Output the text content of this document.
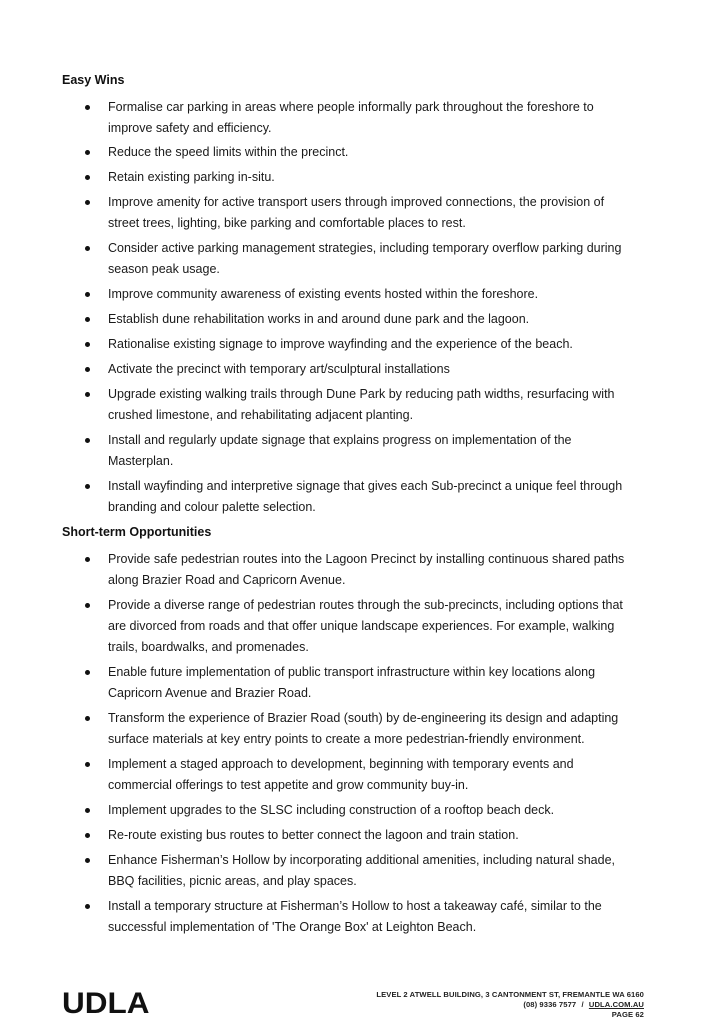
Easy Wins
Formalise car parking in areas where people informally park throughout the foreshore to improve safety and efficiency.
Reduce the speed limits within the precinct.
Retain existing parking in-situ.
Improve amenity for active transport users through improved connections, the provision of street trees, lighting, bike parking and comfortable places to rest.
Consider active parking management strategies, including temporary overflow parking during season peak usage.
Improve community awareness of existing events hosted within the foreshore.
Establish dune rehabilitation works in and around dune park and the lagoon.
Rationalise existing signage to improve wayfinding and the experience of the beach.
Activate the precinct with temporary art/sculptural installations
Upgrade existing walking trails through Dune Park by reducing path widths, resurfacing with crushed limestone, and rehabilitating adjacent planting.
Install and regularly update signage that explains progress on implementation of the Masterplan.
Install wayfinding and interpretive signage that gives each Sub-precinct a unique feel through branding and colour palette selection.
Short-term Opportunities
Provide safe pedestrian routes into the Lagoon Precinct by installing continuous shared paths along Brazier Road and Capricorn Avenue.
Provide a diverse range of pedestrian routes through the sub-precincts, including options that are divorced from roads and that offer unique landscape experiences. For example, walking trails, boardwalks, and promenades.
Enable future implementation of public transport infrastructure within key locations along Capricorn Avenue and Brazier Road.
Transform the experience of Brazier Road (south) by de-engineering its design and adapting surface materials at key entry points to create a more pedestrian-friendly environment.
Implement a staged approach to development, beginning with temporary events and commercial offerings to test appetite and grow community buy-in.
Implement upgrades to the SLSC including construction of a rooftop beach deck.
Re-route existing bus routes to better connect the lagoon and train station.
Enhance Fisherman’s Hollow by incorporating additional amenities, including natural shade, BBQ facilities, picnic areas, and play spaces.
Install a temporary structure at Fisherman’s Hollow to host a takeaway café, similar to the successful implementation of 'The Orange Box' at Leighton Beach.
UDLA	LEVEL 2 ATWELL BUILDING, 3 CANTONMENT ST, FREMANTLE WA 6160
(08) 9336 7577 / UDLA.COM.AU
PAGE 62
